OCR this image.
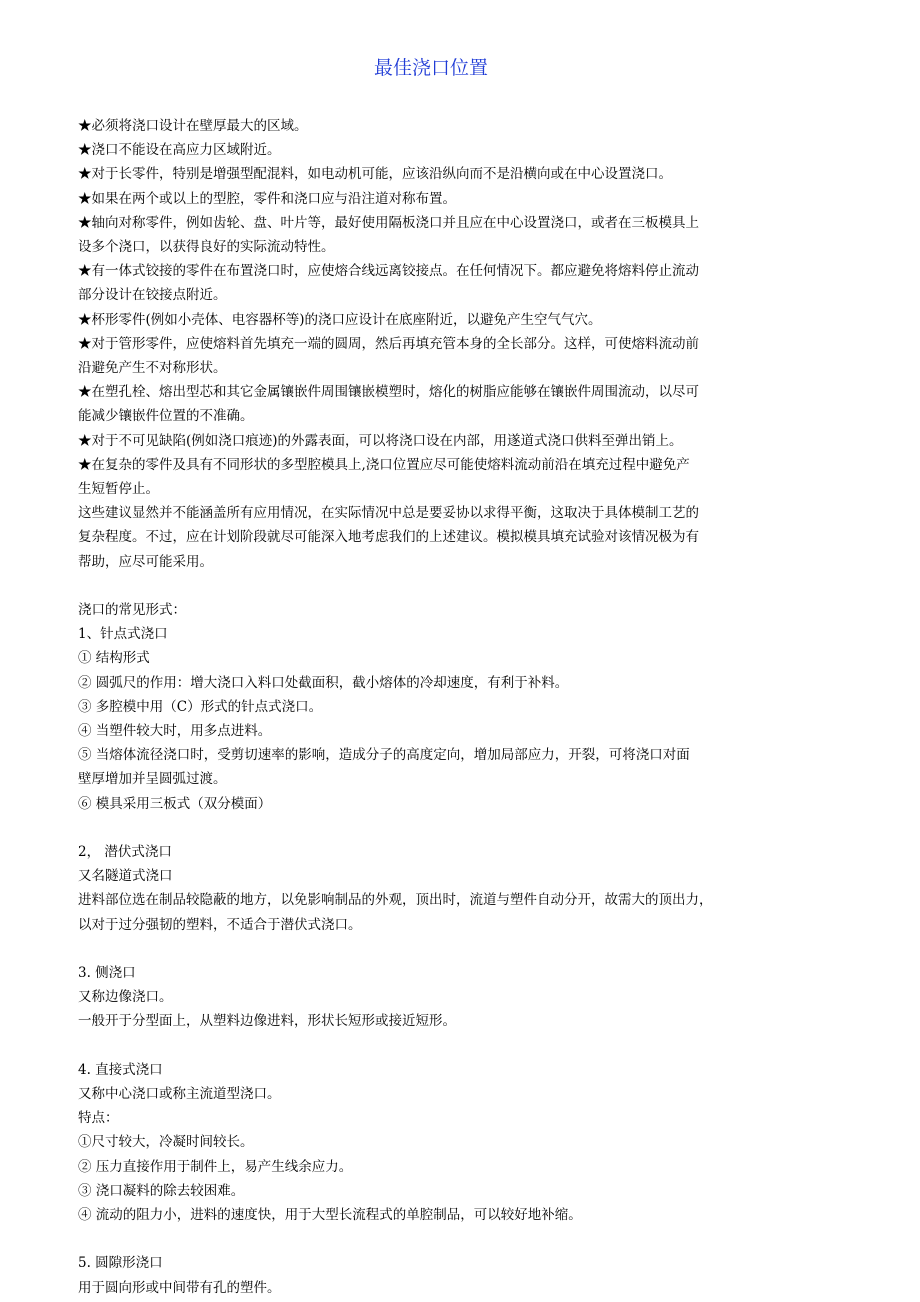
最佳浇口位置
★必须将浇口设计在壁厚最大的区域。
★浇口不能设在高应力区域附近。
★对于长零件，特别是增强型配混料，如电动机可能，应该沿纵向而不是沿横向或在中心设置浇口。
★如果在两个或以上的型腔，零件和浇口应与沿注道对称布置。
★轴向对称零件，例如齿轮、盘、叶片等，最好使用隔板浇口并且应在中心设置浇口，或者在三板模具上
设多个浇口，以获得良好的实际流动特性。
★有一体式铰接的零件在布置浇口时，应使熔合线远离铰接点。在任何情况下。都应避免将熔料停止流动
部分设计在铰接点附近。
★杯形零件(例如小壳体、电容器杯等)的浇口应设计在底座附近，以避免产生空气气穴。
★对于管形零件，应使熔料首先填充一端的圆周，然后再填充管本身的全长部分。这样，可使熔料流动前
沿避免产生不对称形状。
★在塑孔栓、熔出型芯和其它金属镶嵌件周围镶嵌模塑时，熔化的树脂应能够在镶嵌件周围流动，以尽可
能减少镶嵌件位置的不准确。
★对于不可见缺陷(例如浇口痕迹)的外露表面，可以将浇口设在内部，用遂道式浇口供料至弹出销上。
★在复杂的零件及具有不同形状的多型腔模具上,浇口位置应尽可能使熔料流动前沿在填充过程中避免产
生短暂停止。
这些建议显然并不能涵盖所有应用情况，在实际情况中总是要妥协以求得平衡，这取决于具体模制工艺的
复杂程度。不过，应在计划阶段就尽可能深入地考虑我们的上述建议。模拟模具填充试验对该情况极为有
帮助，应尽可能采用。
浇口的常见形式：
1、针点式浇口
① 结构形式
② 圆弧尺的作用：增大浇口入料口处截面积，截小熔体的冷却速度，有利于补料。
③ 多腔模中用（C）形式的针点式浇口。
④ 当塑件较大时，用多点进料。
⑤ 当熔体流径浇口时，受剪切速率的影响，造成分子的高度定向，增加局部应力，开裂，可将浇口对面
壁厚增加并呈圆弧过渡。
⑥ 模具采用三板式（双分模面）
2， 潜伏式浇口
又名隧道式浇口
进料部位选在制品较隐蔽的地方，以免影响制品的外观，顶出时，流道与塑件自动分开，故需大的顶出力，
以对于过分强韧的塑料，不适合于潜伏式浇口。
3. 侧浇口
又称边像浇口。
一般开于分型面上，从塑料边像进料，形状长短形或接近短形。
4. 直接式浇口
又称中心浇口或称主流道型浇口。
特点：
①尺寸较大，冷凝时间较长。
② 压力直接作用于制件上，易产生线余应力。
③ 浇口凝料的除去较困难。
④ 流动的阻力小，进料的速度快，用于大型长流程式的单腔制品，可以较好地补缩。
5. 圆隙形浇口
用于圆向形或中间带有孔的塑件。
